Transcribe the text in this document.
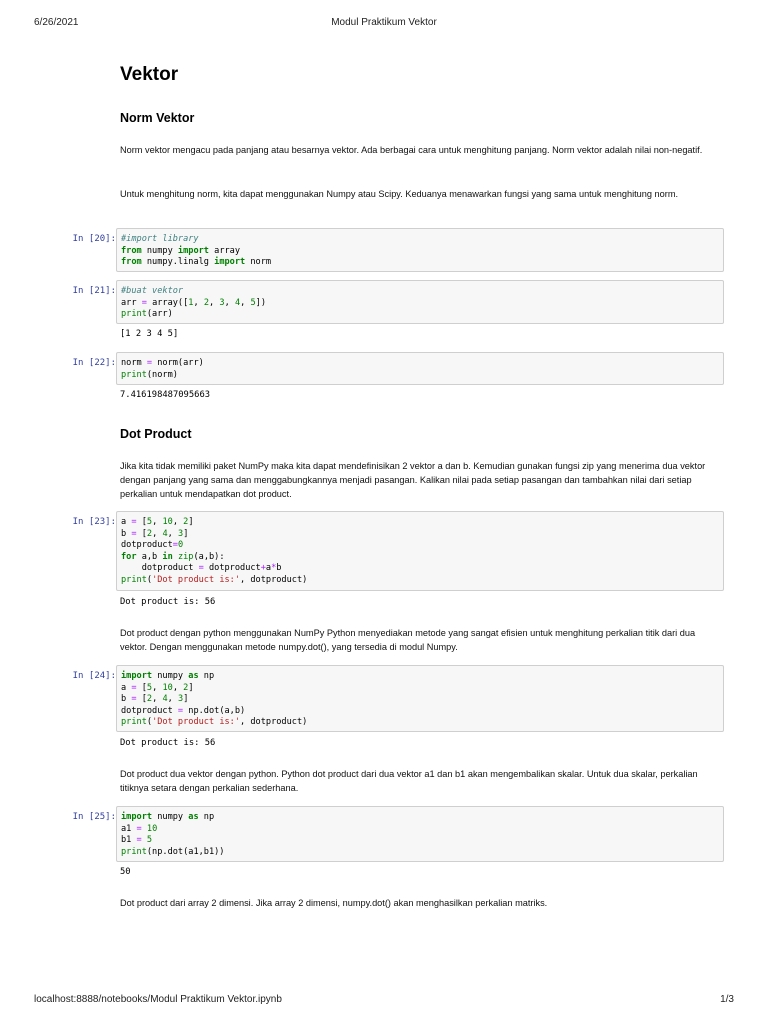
6/26/2021	Modul Praktikum Vektor
Vektor
Norm Vektor
Norm vektor mengacu pada panjang atau besarnya vektor. Ada berbagai cara untuk menghitung panjang. Norm vektor adalah nilai non-negatif.
Untuk menghitung norm, kita dapat menggunakan Numpy atau Scipy. Keduanya menawarkan fungsi yang sama untuk menghitung norm.
In [20]: #import library
from numpy import array
from numpy.linalg import norm
In [21]: #buat vektor
arr = array([1, 2, 3, 4, 5])
print(arr)
[1 2 3 4 5]
In [22]: norm = norm(arr)
print(norm)
7.416198487095663
Dot Product
Jika kita tidak memiliki paket NumPy maka kita dapat mendefinisikan 2 vektor a dan b. Kemudian gunakan fungsi zip yang menerima dua vektor dengan panjang yang sama dan menggabungkannya menjadi pasangan. Kalikan nilai pada setiap pasangan dan tambahkan nilai dari setiap perkalian untuk mendapatkan dot product.
In [23]: a = [5, 10, 2]
b = [2, 4, 3]
dotproduct=0
for a,b in zip(a,b):
dotproduct = dotproduct+a*b
print('Dot product is:', dotproduct)
Dot product is: 56
Dot product dengan python menggunakan NumPy Python menyediakan metode yang sangat efisien untuk menghitung perkalian titik dari dua vektor. Dengan menggunakan metode numpy.dot(), yang tersedia di modul Numpy.
In [24]: import numpy as np
a = [5, 10, 2]
b = [2, 4, 3]
dotproduct = np.dot(a,b)
print('Dot product is:', dotproduct)
Dot product is: 56
Dot product dua vektor dengan python. Python dot product dari dua vektor a1 dan b1 akan mengembalikan skalar. Untuk dua skalar, perkalian titiknya setara dengan perkalian sederhana.
In [25]: import numpy as np
a1 = 10
b1 = 5
print(np.dot(a1,b1))
50
Dot product dari array 2 dimensi. Jika array 2 dimensi, numpy.dot() akan menghasilkan perkalian matriks.
localhost:8888/notebooks/Modul Praktikum Vektor.ipynb	1/3
